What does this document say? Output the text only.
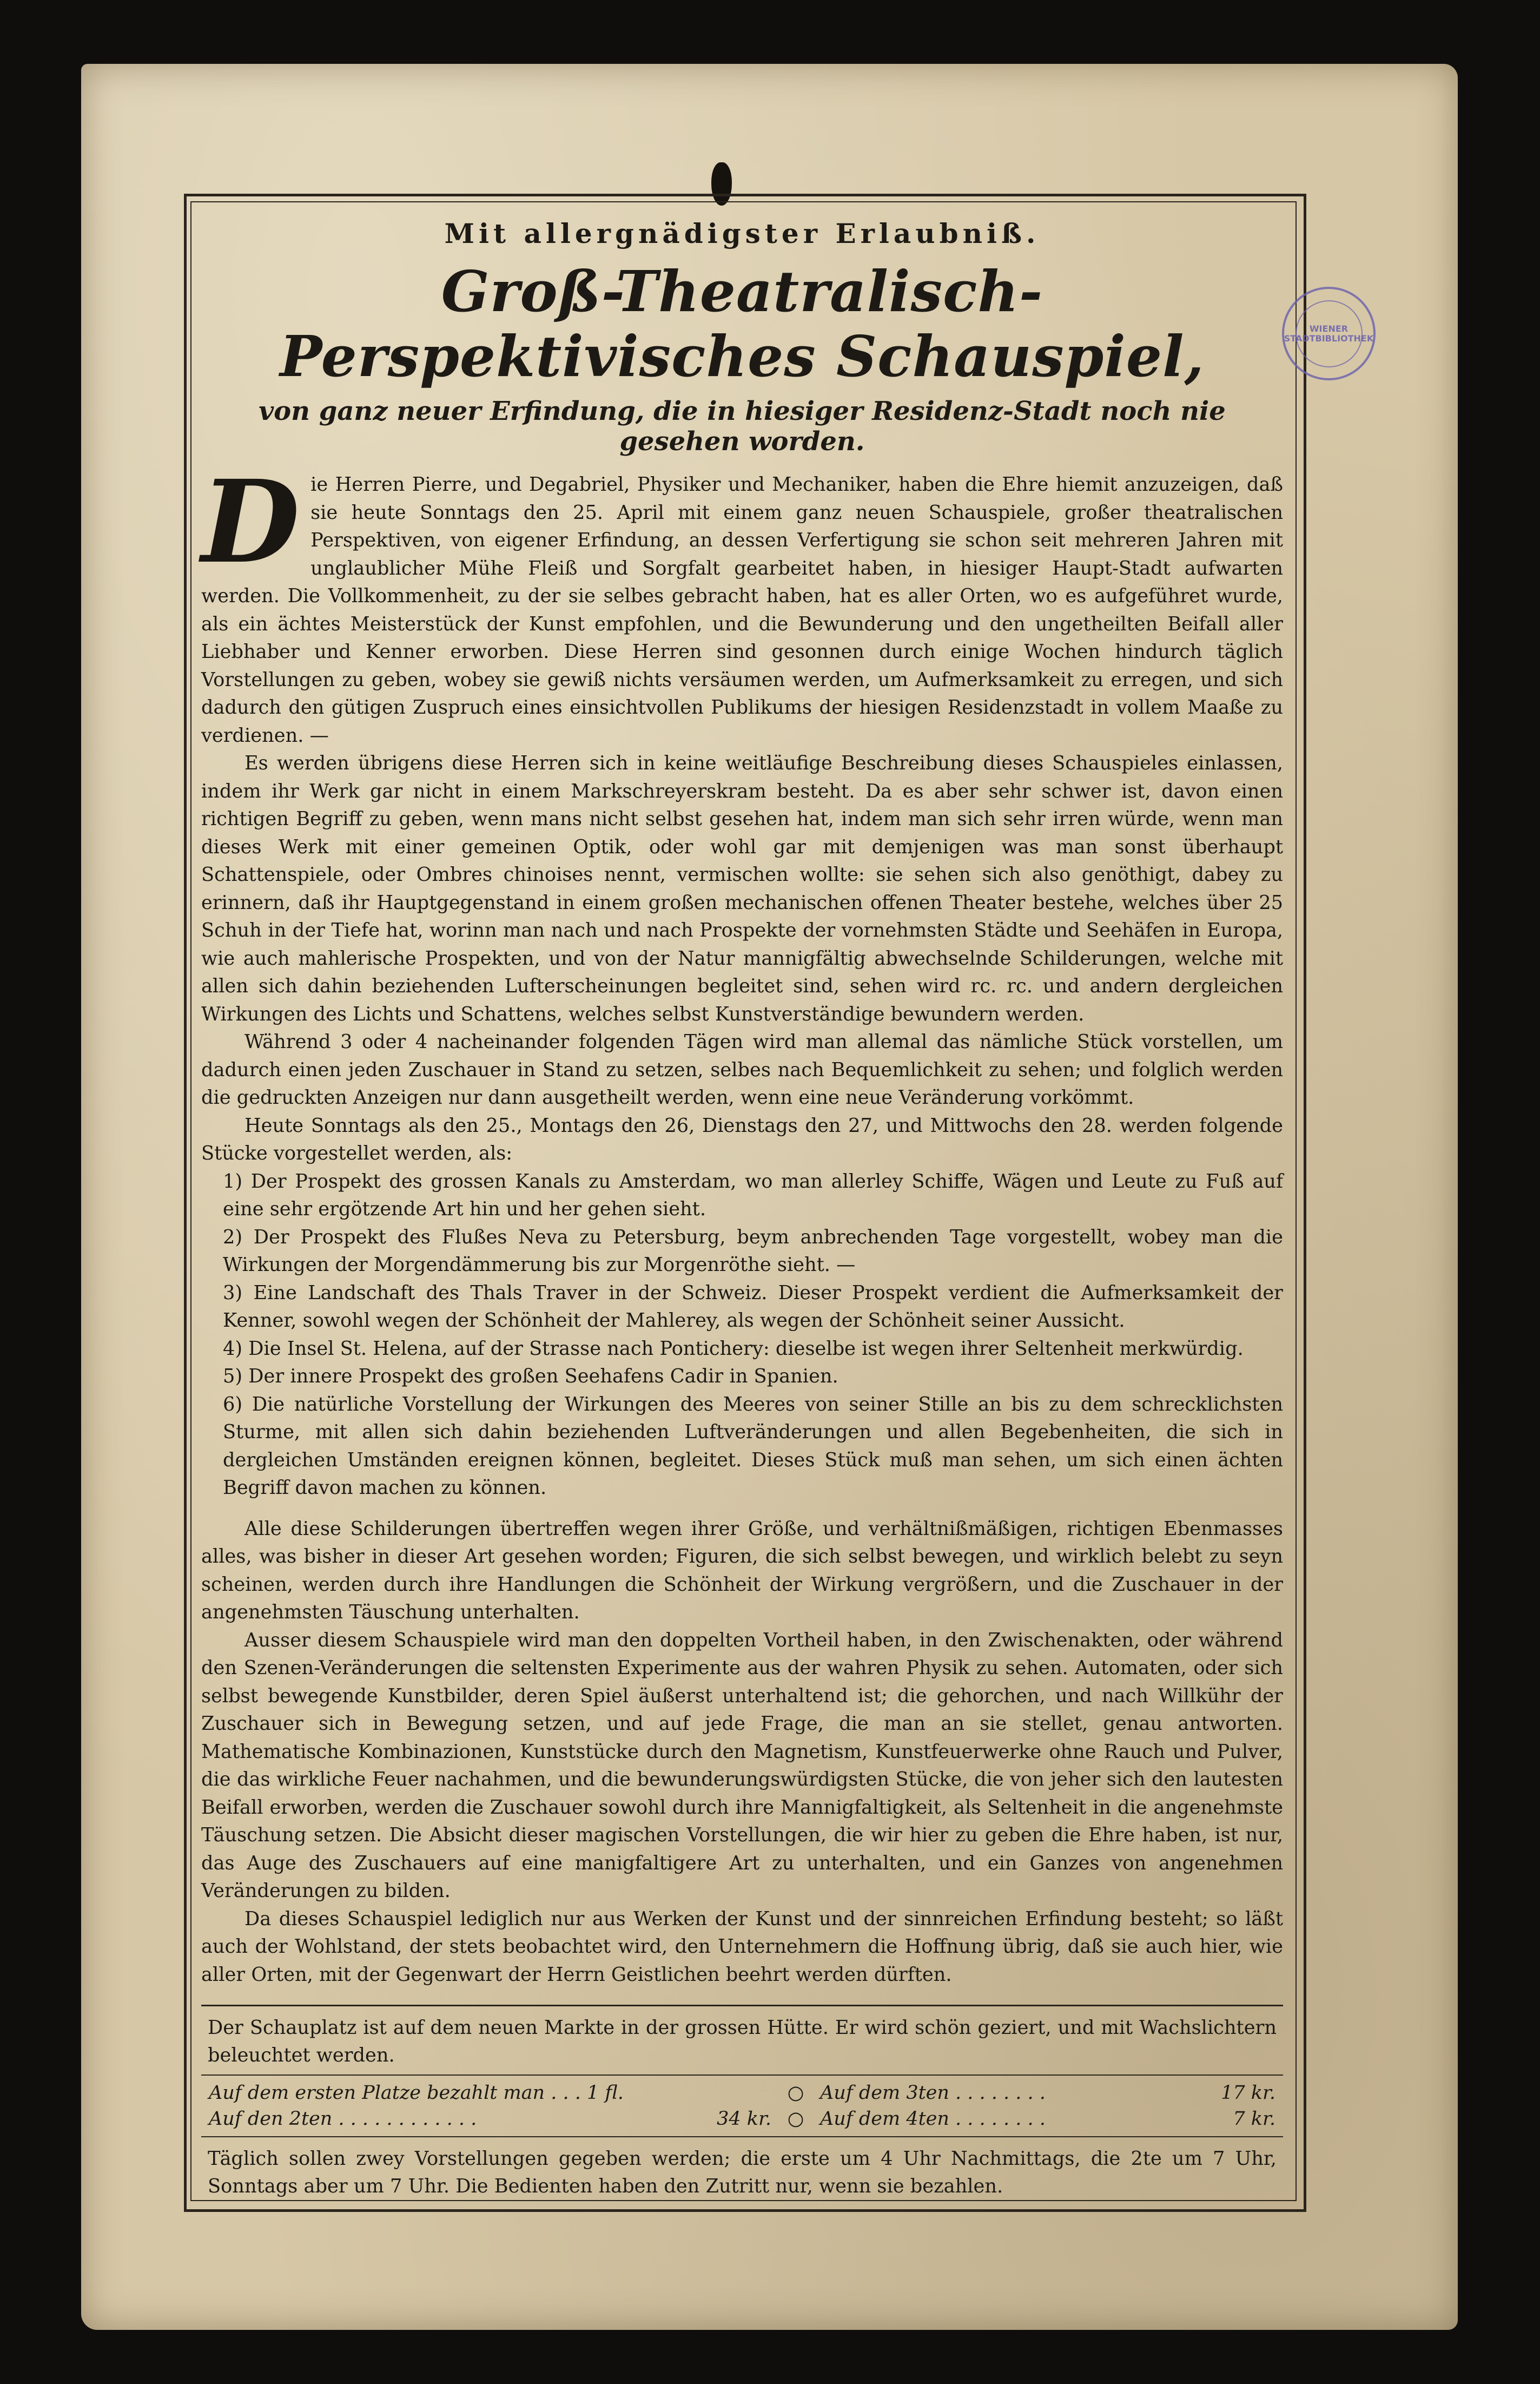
WIENER STADTBIBLIOTHEK
Mit allergnädigster Erlaubniß.
Groß-Theatralisch-Perspektivisches Schauspiel,
von ganz neuer Erfindung, die in hiesiger Residenz-Stadt noch nie gesehen worden.

Die Herren Pierre, und Degabriel, Physiker und Mechaniker, haben die Ehre hiemit anzuzeigen, daß sie heute Sonntags den 25. April mit einem ganz neuen Schauspiele, großer theatralischen Perspektiven, von eigener Erfindung, an dessen Verfertigung sie schon seit mehreren Jahren mit unglaublicher Mühe Fleiß und Sorgfalt gearbeitet haben, in hiesiger Haupt-Stadt aufwarten werden. Die Vollkommenheit, zu der sie selbes gebracht haben, hat es aller Orten, wo es aufgeführet wurde, als ein ächtes Meisterstück der Kunst empfohlen, und die Bewunderung und den ungetheilten Beifall aller Liebhaber und Kenner erworben. Diese Herren sind gesonnen durch einige Wochen hindurch täglich Vorstellungen zu geben, wobey sie gewiß nichts versäumen werden, um Aufmerksamkeit zu erregen, und sich dadurch den gütigen Zuspruch eines einsichtvollen Publikums der hiesigen Residenzstadt in vollem Maaße zu verdienen. —

Es werden übrigens diese Herren sich in keine weitläufige Beschreibung dieses Schauspieles einlassen, indem ihr Werk gar nicht in einem Markschreyerskram besteht. Da es aber sehr schwer ist, davon einen richtigen Begriff zu geben, wenn mans nicht selbst gesehen hat, indem man sich sehr irren würde, wenn man dieses Werk mit einer gemeinen Optik, oder wohl gar mit demjenigen was man sonst überhaupt Schattenspiele, oder Ombres chinoises nennt, vermischen wollte: sie sehen sich also genöthigt, dabey zu erinnern, daß ihr Hauptgegenstand in einem großen mechanischen offenen Theater bestehe, welches über 25 Schuh in der Tiefe hat, worinn man nach und nach Prospekte der vornehmsten Städte und Seehäfen in Europa, wie auch mahlerische Prospekten, und von der Natur mannigfältig abwechselnde Schilderungen, welche mit allen sich dahin beziehenden Lufterscheinungen begleitet sind, sehen wird rc. rc. und andern dergleichen Wirkungen des Lichts und Schattens, welches selbst Kunstverständige bewundern werden.

Während 3 oder 4 nacheinander folgenden Tägen wird man allemal das nämliche Stück vorstellen, um dadurch einen jeden Zuschauer in Stand zu setzen, selbes nach Bequemlichkeit zu sehen; und folglich werden die gedruckten Anzeigen nur dann ausgetheilt werden, wenn eine neue Veränderung vorkömmt.

Heute Sonntags als den 25., Montags den 26, Dienstags den 27, und Mittwochs den 28. werden folgende Stücke vorgestellet werden, als:

1) Der Prospekt des grossen Kanals zu Amsterdam, wo man allerley Schiffe, Wägen und Leute zu Fuß auf eine sehr ergötzende Art hin und her gehen sieht.
2) Der Prospekt des Flußes Neva zu Petersburg, beym anbrechenden Tage vorgestellt, wobey man die Wirkungen der Morgendämmerung bis zur Morgenröthe sieht. —
3) Eine Landschaft des Thals Traver in der Schweiz. Dieser Prospekt verdient die Aufmerksamkeit der Kenner, sowohl wegen der Schönheit der Mahlerey, als wegen der Schönheit seiner Aussicht.
4) Die Insel St. Helena, auf der Strasse nach Pontichery: dieselbe ist wegen ihrer Seltenheit merkwürdig.
5) Der innere Prospekt des großen Seehafens Cadir in Spanien.
6) Die natürliche Vorstellung der Wirkungen des Meeres von seiner Stille an bis zu dem schrecklichsten Sturme, mit allen sich dahin beziehenden Luftveränderungen und allen Begebenheiten, die sich in dergleichen Umständen ereignen können, begleitet. Dieses Stück muß man sehen, um sich einen ächten Begriff davon machen zu können.

Alle diese Schilderungen übertreffen wegen ihrer Größe, und verhältnißmäßigen, richtigen Ebenmasses alles, was bisher in dieser Art gesehen worden; Figuren, die sich selbst bewegen, und wirklich belebt zu seyn scheinen, werden durch ihre Handlungen die Schönheit der Wirkung vergrößern, und die Zuschauer in der angenehmsten Täuschung unterhalten.

Ausser diesem Schauspiele wird man den doppelten Vortheil haben, in den Zwischenakten, oder während den Szenen-Veränderungen die seltensten Experimente aus der wahren Physik zu sehen. Automaten, oder sich selbst bewegende Kunstbilder, deren Spiel äußerst unterhaltend ist; die gehorchen, und nach Willkühr der Zuschauer sich in Bewegung setzen, und auf jede Frage, die man an sie stellet, genau antworten. Mathematische Kombinazionen, Kunststücke durch den Magnetism, Kunstfeuerwerke ohne Rauch und Pulver, die das wirkliche Feuer nachahmen, und die bewunderungswürdigsten Stücke, die von jeher sich den lautesten Beifall erworben, werden die Zuschauer sowohl durch ihre Mannigfaltigkeit, als Seltenheit in die angenehmste Täuschung setzen. Die Absicht dieser magischen Vorstellungen, die wir hier zu geben die Ehre haben, ist nur, das Auge des Zuschauers auf eine manigfaltigere Art zu unterhalten, und ein Ganzes von angenehmen Veränderungen zu bilden.

Da dieses Schauspiel lediglich nur aus Werken der Kunst und der sinnreichen Erfindung besteht; so läßt auch der Wohlstand, der stets beobachtet wird, den Unternehmern die Hoffnung übrig, daß sie auch hier, wie aller Orten, mit der Gegenwart der Herrn Geistlichen beehrt werden dürften.

Der Schauplatz ist auf dem neuen Markte in der grossen Hütte. Er wird schön geziert, und mit Wachslichtern beleuchtet werden.
Auf dem ersten Platze bezahlt man . . . 1 fl.	○ Auf dem 3ten . . . . . . . .	17 kr.
Auf den 2ten . . . . . . . . . . . .	34 kr. ○ Auf dem 4ten . . . . . . . .	7 kr.
Täglich sollen zwey Vorstellungen gegeben werden; die erste um 4 Uhr Nachmittags, die 2te um 7 Uhr, Sonntags aber um 7 Uhr. Die Bedienten haben den Zutritt nur, wenn sie bezahlen.
